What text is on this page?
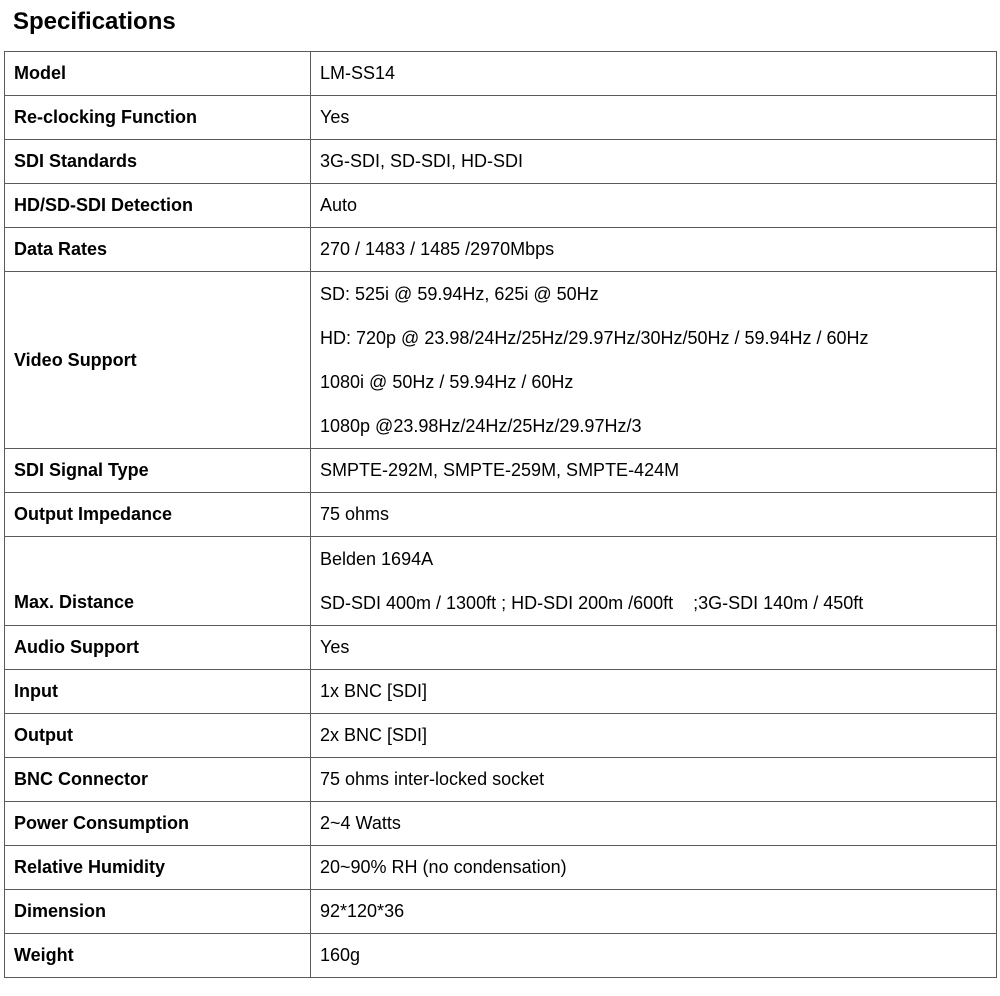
Specifications
Model	LM-SS14
Re-clocking Function	Yes
SDI Standards	3G-SDI, SD-SDI, HD-SDI
HD/SD-SDI Detection	Auto
Data Rates	270 / 1483 / 1485 /2970Mbps
Video Support	SD: 525i @ 59.94Hz, 625i @ 50Hz
HD: 720p @ 23.98/24Hz/25Hz/29.97Hz/30Hz/50Hz / 59.94Hz / 60Hz
1080i @ 50Hz / 59.94Hz / 60Hz
1080p @23.98Hz/24Hz/25Hz/29.97Hz/3

SDI Signal Type	SMPTE-292M, SMPTE-259M, SMPTE-424M
Output Impedance	75 ohms
Max. Distance	Belden 1694A
SD-SDI 400m / 1300ft ; HD-SDI 200m /600ft    ;3G-SDI 140m / 450ft

Audio Support	Yes
Input	1x BNC [SDI]
Output	2x BNC [SDI]
BNC Connector	75 ohms inter-locked socket
Power Consumption	2~4 Watts
Relative Humidity	20~90% RH (no condensation)
Dimension	92*120*36
Weight	160g
